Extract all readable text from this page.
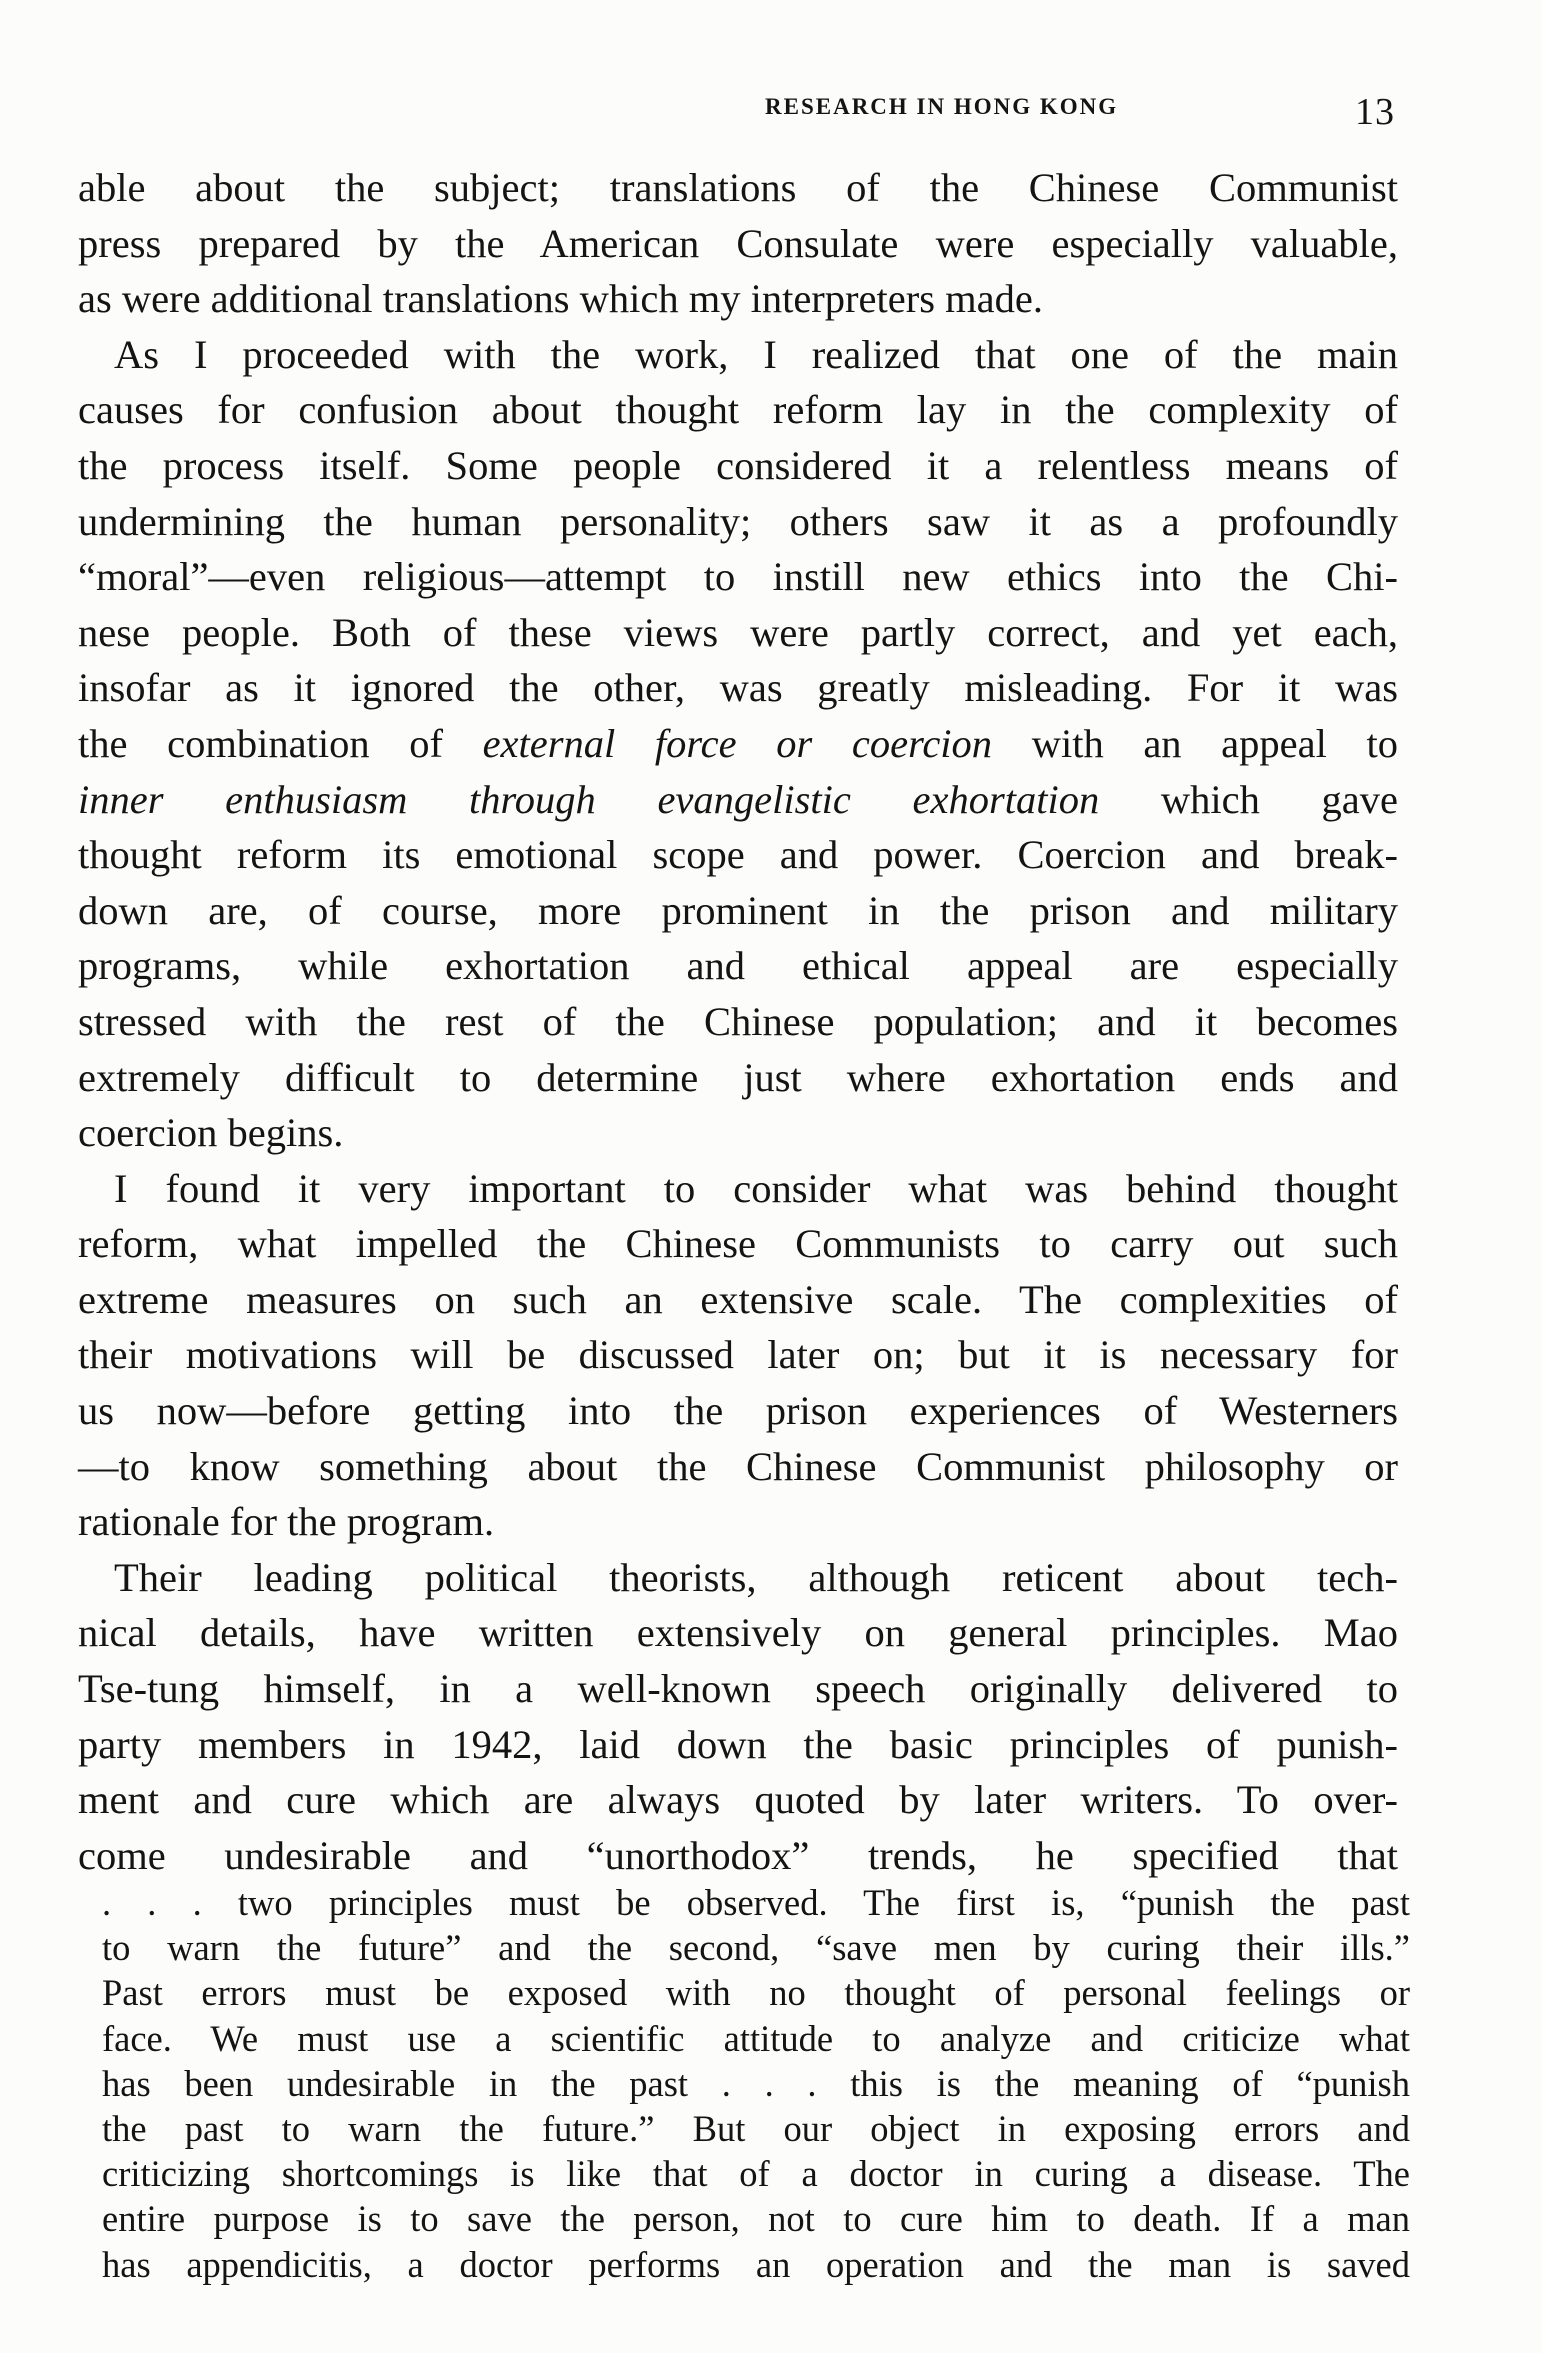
RESEARCH IN HONG KONG	13
able about the subject; translations of the Chinese Communist
press prepared by the American Consulate were especially valuable,
as were additional translations which my interpreters made.
As I proceeded with the work, I realized that one of the main
causes for confusion about thought reform lay in the complexity of
the process itself. Some people considered it a relentless means of
undermining the human personality; others saw it as a profoundly
“moral”—even religious—attempt to instill new ethics into the Chi-
nese people. Both of these views were partly correct, and yet each,
insofar as it ignored the other, was greatly misleading. For it was
the combination of external force or coercion with an appeal to
inner enthusiasm through evangelistic exhortation which gave
thought reform its emotional scope and power. Coercion and break-
down are, of course, more prominent in the prison and military
programs, while exhortation and ethical appeal are especially
stressed with the rest of the Chinese population; and it becomes
extremely difficult to determine just where exhortation ends and
coercion begins.
I found it very important to consider what was behind thought
reform, what impelled the Chinese Communists to carry out such
extreme measures on such an extensive scale. The complexities of
their motivations will be discussed later on; but it is necessary for
us now—before getting into the prison experiences of Westerners
—to know something about the Chinese Communist philosophy or
rationale for the program.
Their leading political theorists, although reticent about tech-
nical details, have written extensively on general principles. Mao
Tse-tung himself, in a well-known speech originally delivered to
party members in 1942, laid down the basic principles of punish-
ment and cure which are always quoted by later writers. To over-
come undesirable and “unorthodox” trends, he specified that
. . . two principles must be observed. The first is, “punish the past
to warn the future” and the second, “save men by curing their ills.”
Past errors must be exposed with no thought of personal feelings or
face. We must use a scientific attitude to analyze and criticize what
has been undesirable in the past . . . this is the meaning of “punish
the past to warn the future.” But our object in exposing errors and
criticizing shortcomings is like that of a doctor in curing a disease. The
entire purpose is to save the person, not to cure him to death. If a man
has appendicitis, a doctor performs an operation and the man is saved
